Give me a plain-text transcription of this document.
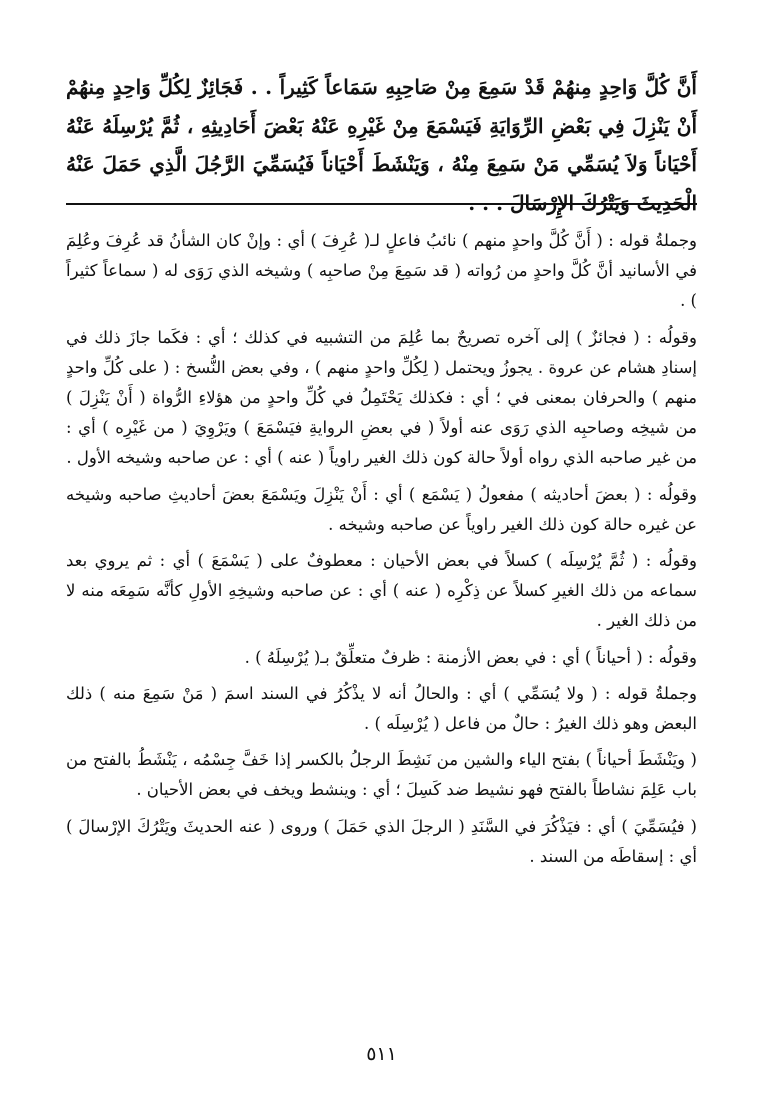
أَنَّ كُلَّ وَاحِدٍ مِنهُمْ قَدْ سَمِعَ مِنْ صَاحِبِهِ سَمَاعاً كَثِيراً . . فَجَائِزٌ لِكُلِّ وَاحِدٍ مِنهُمْ أَنْ يَنْزِلَ فِي بَعْضِ الرِّوَايَةِ فَيَسْمَعَ مِنْ غَيْرِهِ عَنْهُ بَعْضَ أَحَادِيثِهِ ، ثُمَّ يُرْسِلَهُ عَنْهُ أَحْيَاناً وَلاَ يُسَمِّي مَنْ سَمِعَ مِنْهُ ، وَيَنْشَطَ أَحْيَاناً فَيُسَمِّيَ الرَّجُلَ الَّذِي حَمَلَ عَنْهُ الْحَدِيثَ وَيَتْرُكَ الإِرْسَالَ . . .

وجملةُ قوله : ( أَنَّ كُلَّ واحدٍ منهم ) نائبُ فاعلٍ لـ( عُرِفَ ) أي : وإنْ كان الشأنُ قد عُرِفَ وعُلِمَ في الأسانيد أنَّ كُلَّ واحدٍ من رُواته ( قد سَمِعَ مِنْ صاحبِه ) وشيخه الذي رَوَى له ( سماعاً كثيراً ) .

وقولُه : ( فجائزٌ ) إلى آخره تصريحٌ بما عُلِمَ من التشبيه في كذلك ؛ أي : فكَما جازَ ذلك في إسنادِ هشام عن عروة . يجوزُ ويحتمل ( لِكُلِّ واحدٍ منهم ) ، وفي بعض النُّسخ : ( على كُلِّ واحدٍ منهم ) والحرفان بمعنى في ؛ أي : فكذلك يَحْتَمِلُ في كُلِّ واحدٍ من هؤلاءِ الرُّواة ( أَنْ يَنْزِلَ ) من شيخِه وصاحبِه الذي رَوَى عنه أولاً ( في بعضِ الروايةِ فيَسْمَعَ ) ويَرْوِيَ ( من غَيْرِه ) أي : من غير صاحبه الذي رواه أولاً حالة كون ذلك الغير راوياً ( عنه ) أي : عن صاحبه وشيخه الأول .

وقولُه : ( بعضَ أحاديثه ) مفعولُ ( يَسْمَع ) أي : أَنْ يَنْزِلَ ويَسْمَعَ بعضَ أحاديثِ صاحبه وشيخه عن غيره حالة كون ذلك الغير راوياً عن صاحبه وشيخه .

وقولُه : ( ثُمَّ يُرْسِلَه ) كسلاً في بعض الأحيان : معطوفٌ على ( يَسْمَعَ ) أي : ثم يروي بعد سماعه من ذلك الغيرِ كسلاً عن ذِكْرِه ( عنه ) أي : عن صاحبه وشيخِهِ الأولِ كأنَّه سَمِعَه منه لا من ذلك الغير .

وقولُه : ( أحياناً ) أي : في بعض الأزمنة : ظرفٌ متعلِّقٌ بـ( يُرْسِلَهُ ) .

وجملةُ قوله : ( ولا يُسَمِّي ) أي : والحالُ أنه لا يذْكُرُ في السند اسمَ ( مَنْ سَمِعَ منه ) ذلك البعض وهو ذلك الغيرُ : حالٌ من فاعل ( يُرْسِلَه ) .

( ويَنْشَطَ أحياناً ) بفتح الياء والشين من نَشِطَ الرجلُ بالكسر إذا خَفَّ جِسْمُه ، يَنْشَطُ بالفتح من باب عَلِمَ نشاطاً بالفتح فهو نشيط ضد كَسِلَ ؛ أي : وينشط ويخف في بعض الأحيان .

( فيُسَمِّيَ ) أي : فيَذْكُرَ في السَّنَدِ ( الرجلَ الذي حَمَلَ ) وروى ( عنه الحديثَ ويَتْرُكَ الإرْسالَ ) أي : إسقاطَه من السند .

٥١١
